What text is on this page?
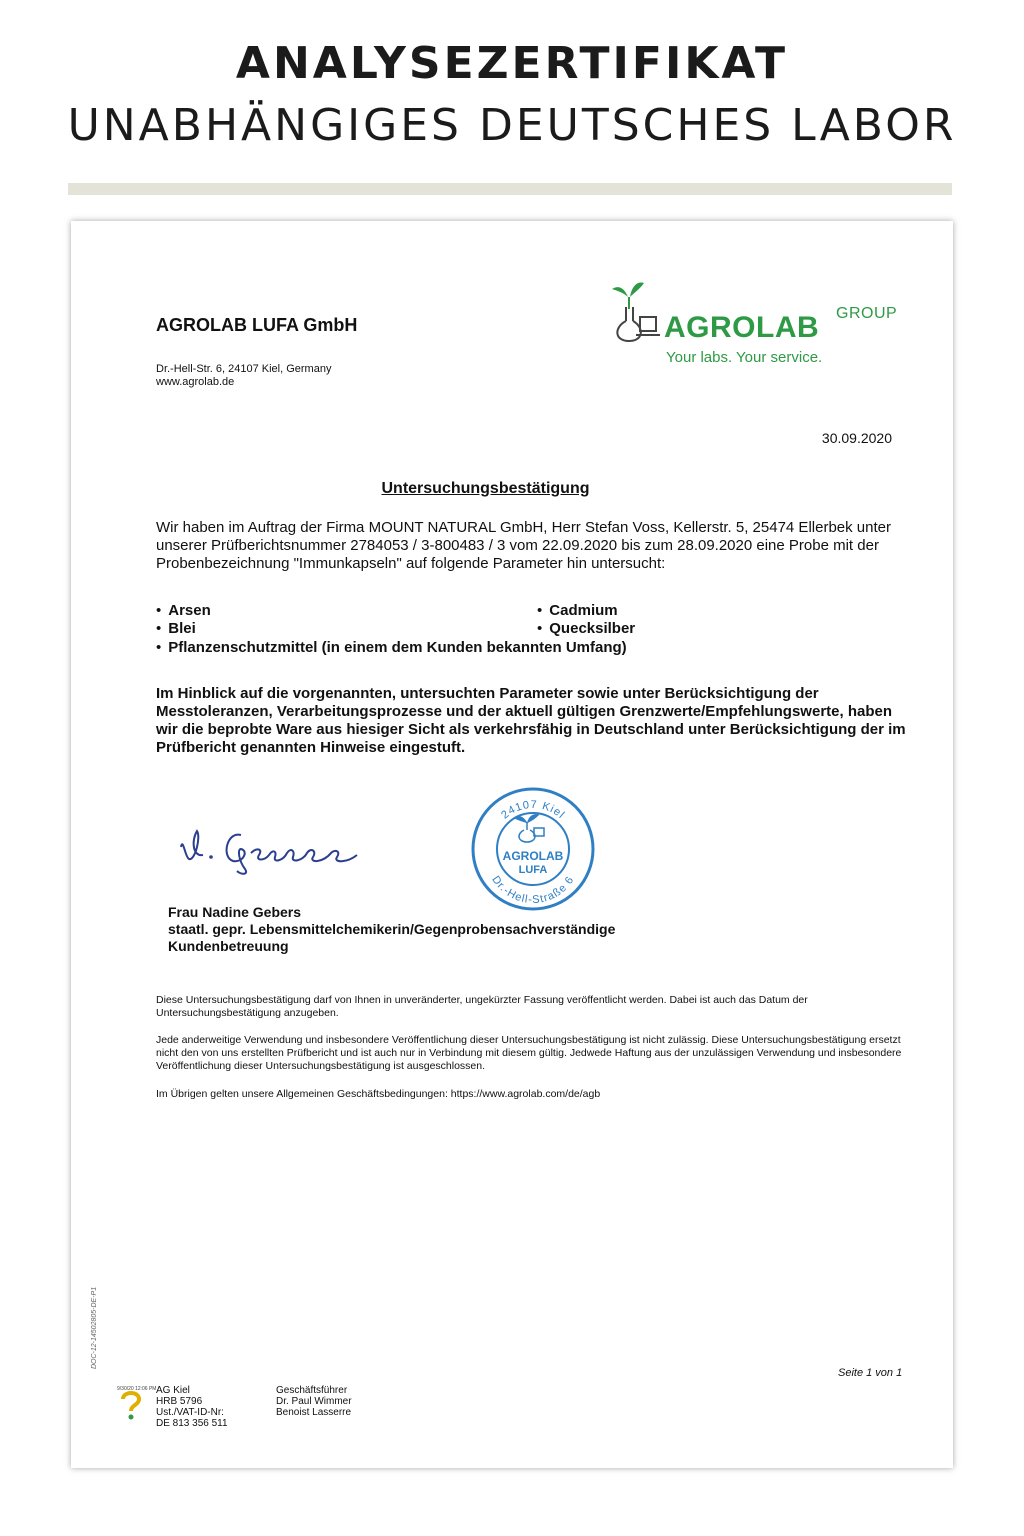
ANALYSEZERTIFIKAT
UNABHÄNGIGES DEUTSCHES LABOR
AGROLAB LUFA GmbH
Dr.-Hell-Str. 6, 24107 Kiel, Germany
www.agrolab.de
AGROLAB GROUP
Your labs. Your service.
30.09.2020
Untersuchungsbestätigung
Wir haben im Auftrag der Firma MOUNT NATURAL GmbH, Herr Stefan Voss, Kellerstr. 5, 25474 Ellerbek unter unserer Prüfberichtsnummer 2784053 / 3-800483 / 3 vom 22.09.2020 bis zum 28.09.2020 eine Probe mit der Probenbezeichnung "Immunkapseln" auf folgende Parameter hin untersucht:
• Arsen
• Blei
• Cadmium
• Quecksilber
• Pflanzenschutzmittel (in einem dem Kunden bekannten Umfang)
Im Hinblick auf die vorgenannten, untersuchten Parameter sowie unter Berücksichtigung der Messtoleranzen, Verarbeitungsprozesse und der aktuell gültigen Grenzwerte/Empfehlungswerte, haben wir die beprobte Ware aus hiesiger Sicht als verkehrsfähig in Deutschland unter Berücksichtigung der im Prüfbericht genannten Hinweise eingestuft.
24107 Kiel
Dr.-Hell-Straße 6
AGROLAB
LUFA
Frau Nadine Gebers
staatl. gepr. Lebensmittelchemikerin/Gegenprobensachverständige
Kundenbetreuung
Diese Untersuchungsbestätigung darf von Ihnen in unveränderter, ungekürzter Fassung veröffentlicht werden. Dabei ist auch das Datum der Untersuchungsbestätigung anzugeben.
Jede anderweitige Verwendung und insbesondere Veröffentlichung dieser Untersuchungsbestätigung ist nicht zulässig. Diese Untersuchungsbestätigung ersetzt nicht den von uns erstellten Prüfbericht und ist auch nur in Verbindung mit diesem gültig. Jedwede Haftung aus der unzulässigen Verwendung und insbesondere Veröffentlichung dieser Untersuchungsbestätigung ist ausgeschlossen.
Im Übrigen gelten unsere Allgemeinen Geschäftsbedingungen: https://www.agrolab.com/de/agb
DOC-12-14502805-DE-P1
9/30/20 12:06 PM AG Kiel
HRB 5796
Ust./VAT-ID-Nr:
DE 813 356 511
Geschäftsführer
Dr. Paul Wimmer
Benoist Lasserre
Seite 1 von 1
